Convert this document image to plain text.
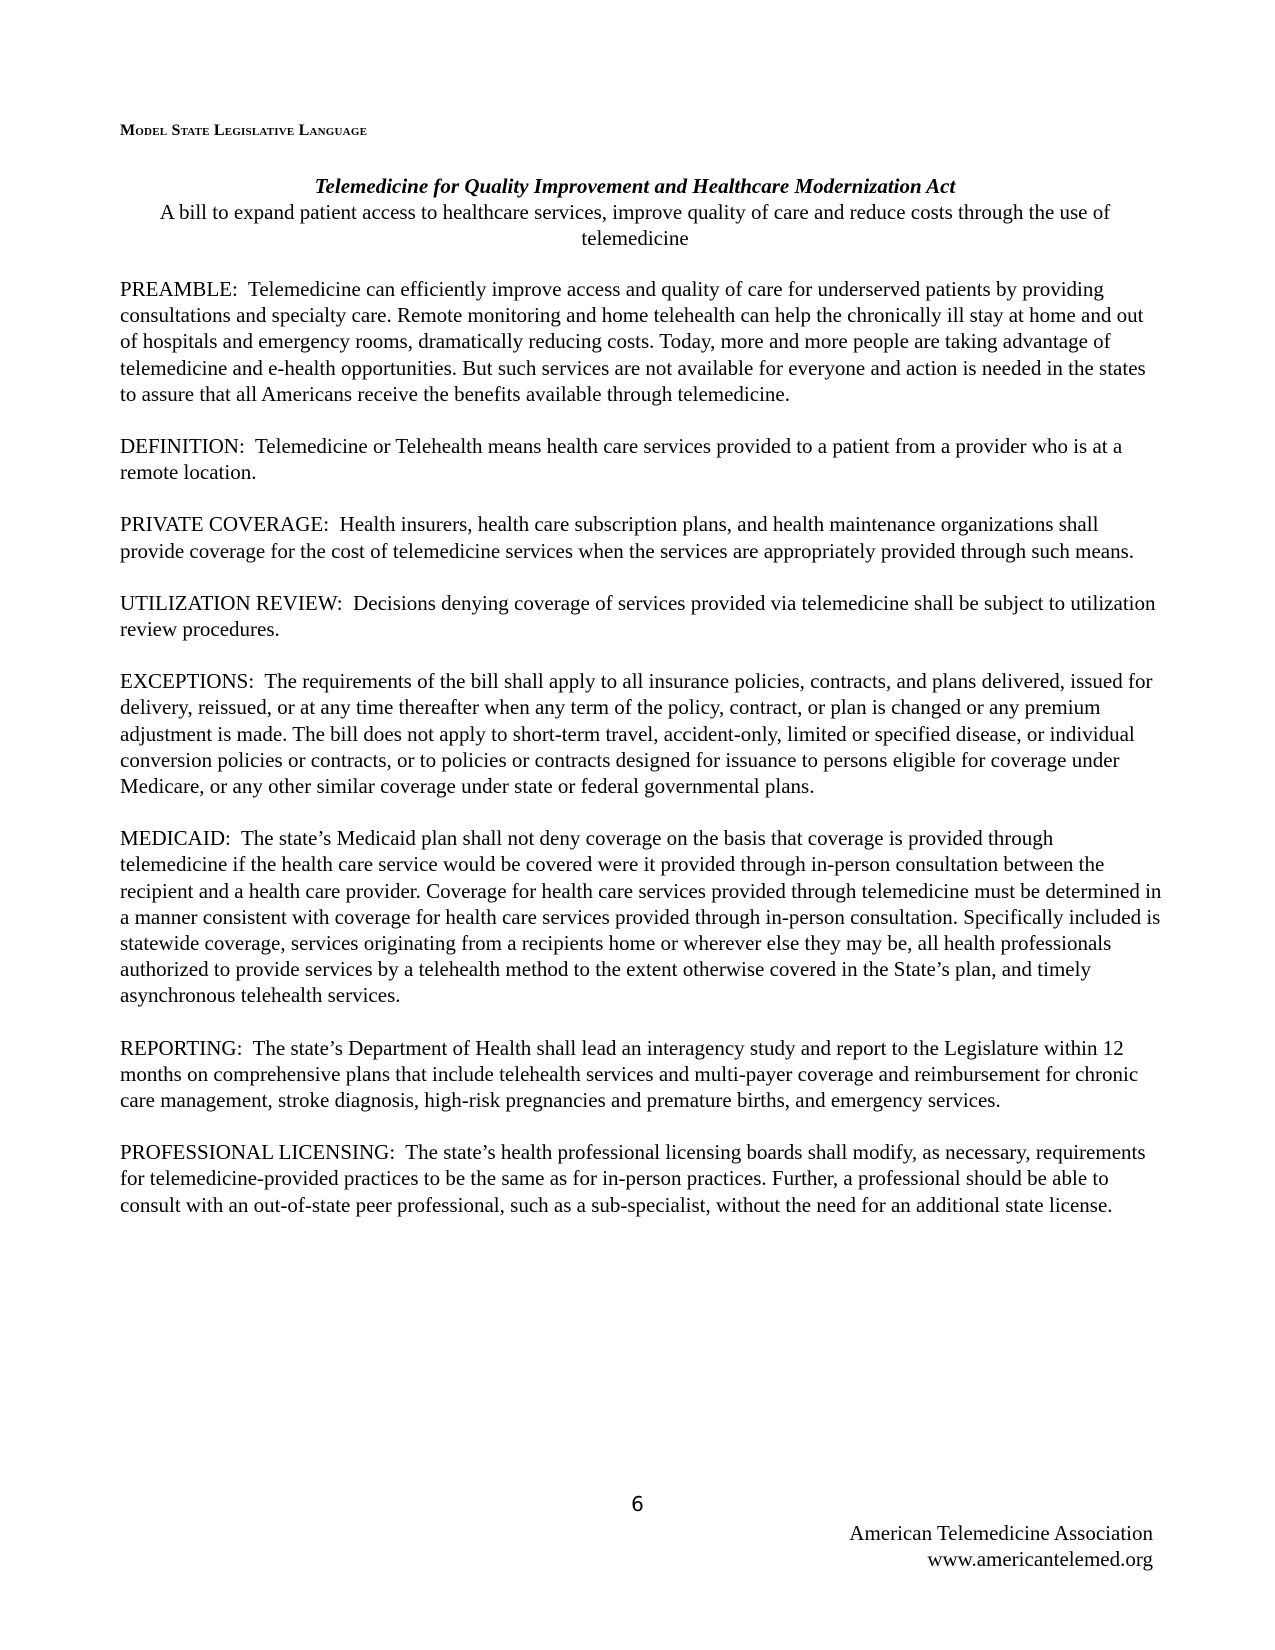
Model State Legislative Language
Telemedicine for Quality Improvement and Healthcare Modernization Act
A bill to expand patient access to healthcare services, improve quality of care and reduce costs through the use of telemedicine

PREAMBLE: Telemedicine can efficiently improve access and quality of care for underserved patients by providing consultations and specialty care. Remote monitoring and home telehealth can help the chronically ill stay at home and out of hospitals and emergency rooms, dramatically reducing costs. Today, more and more people are taking advantage of telemedicine and e-health opportunities. But such services are not available for everyone and action is needed in the states to assure that all Americans receive the benefits available through telemedicine.

DEFINITION: Telemedicine or Telehealth means health care services provided to a patient from a provider who is at a remote location.

PRIVATE COVERAGE:  Health insurers, health care subscription plans, and health maintenance organizations shall provide coverage for the cost of telemedicine services when the services are appropriately provided through such means.

UTILIZATION REVIEW: Decisions denying coverage of services provided via telemedicine shall be subject to utilization review procedures.

EXCEPTIONS: The requirements of the bill shall apply to all insurance policies, contracts, and plans delivered, issued for delivery, reissued, or at any time thereafter when any term of the policy, contract, or plan is changed or any premium adjustment is made. The bill does not apply to short-term travel, accident-only, limited or specified disease, or individual conversion policies or contracts, or to policies or contracts designed for issuance to persons eligible for coverage under Medicare, or any other similar coverage under state or federal governmental plans.

MEDICAID: The state’s Medicaid plan shall not deny coverage on the basis that coverage is provided through telemedicine if the health care service would be covered were it provided through in-person consultation between the recipient and a health care provider. Coverage for health care services provided through telemedicine must be determined in a manner consistent with coverage for health care services provided through in-person consultation. Specifically included is statewide coverage, services originating from a recipients home or wherever else they may be, all health professionals authorized to provide services by a telehealth method to the extent otherwise covered in the State’s plan, and timely asynchronous telehealth services.

REPORTING: The state’s Department of Health shall lead an interagency study and report to the Legislature within 12 months on comprehensive plans that include telehealth services and multi-payer coverage and reimbursement for chronic care management, stroke diagnosis, high-risk pregnancies and premature births, and emergency services.

PROFESSIONAL LICENSING: The state’s health professional licensing boards shall modify, as necessary, requirements for telemedicine-provided practices to be the same as for in-person practices. Further, a professional should be able to consult with an out-of-state peer professional, such as a sub-specialist, without the need for an additional state license.

6
American Telemedicine Association
www.americantelemed.org
